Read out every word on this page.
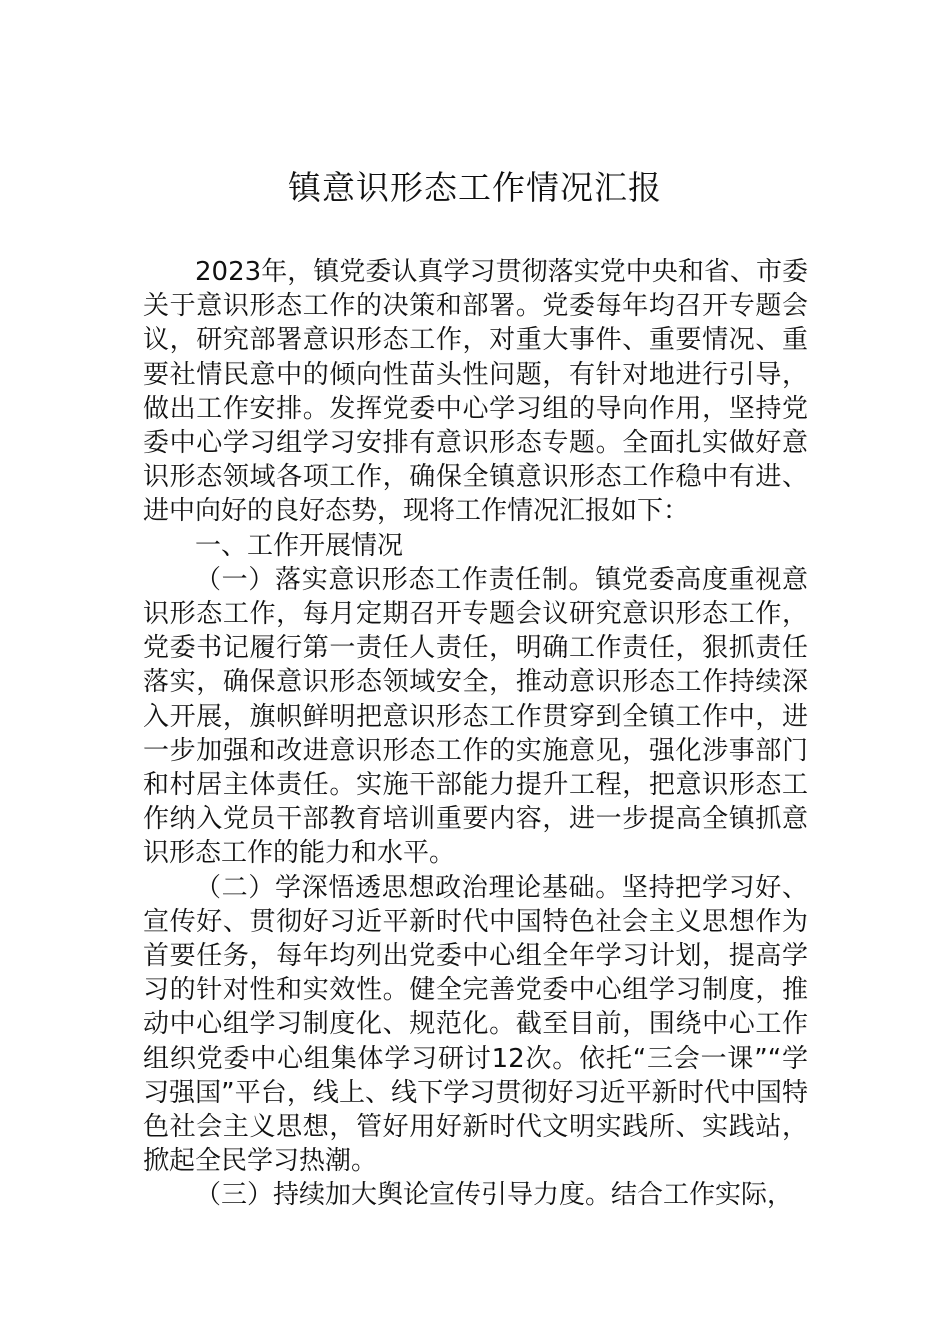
镇意识形态工作情况汇报

2023年，镇党委认真学习贯彻落实党中央和省、市委关于意识形态工作的决策和部署。党委每年均召开专题会议，研究部署意识形态工作，对重大事件、重要情况、重要社情民意中的倾向性苗头性问题，有针对地进行引导，做出工作安排。发挥党委中心学习组的导向作用，坚持党委中心学习组学习安排有意识形态专题。全面扎实做好意识形态领域各项工作，确保全镇意识形态工作稳中有进、进中向好的良好态势，现将工作情况汇报如下：

一、工作开展情况

（一）落实意识形态工作责任制。镇党委高度重视意识形态工作，每月定期召开专题会议研究意识形态工作，党委书记履行第一责任人责任，明确工作责任，狠抓责任落实，确保意识形态领域安全，推动意识形态工作持续深入开展，旗帜鲜明把意识形态工作贯穿到全镇工作中，进一步加强和改进意识形态工作的实施意见，强化涉事部门和村居主体责任。实施干部能力提升工程，把意识形态工作纳入党员干部教育培训重要内容，进一步提高全镇抓意识形态工作的能力和水平。

（二）学深悟透思想政治理论基础。坚持把学习好、宣传好、贯彻好习近平新时代中国特色社会主义思想作为首要任务，每年均列出党委中心组全年学习计划，提高学习的针对性和实效性。健全完善党委中心组学习制度，推动中心组学习制度化、规范化。截至目前，围绕中心工作组织党委中心组集体学习研讨12次。依托“三会一课”“学习强国”平台，线上、线下学习贯彻好习近平新时代中国特色社会主义思想，管好用好新时代文明实践所、实践站，掀起全民学习热潮。

（三）持续加大舆论宣传引导力度。结合工作实际，
